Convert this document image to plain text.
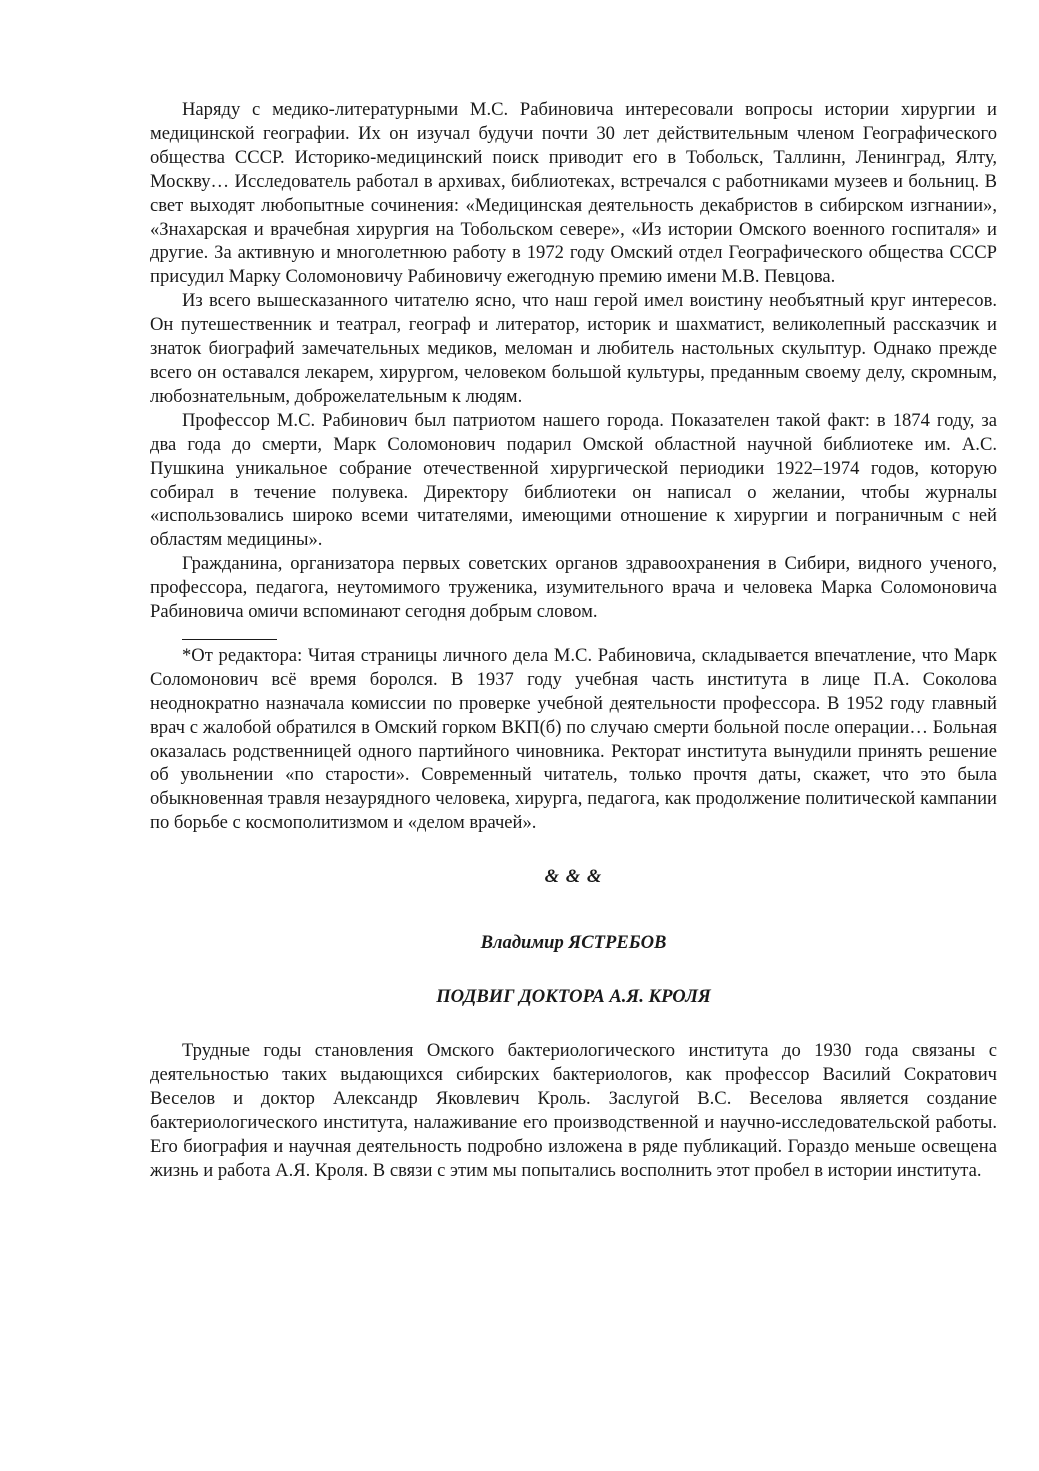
Наряду с медико-литературными М.С. Рабиновича интересовали вопросы истории хирургии и медицинской географии. Их он изучал будучи почти 30 лет действительным членом Географического общества СССР. Историко-медицинский поиск приводит его в Тобольск, Таллинн, Ленинград, Ялту, Москву… Исследователь работал в архивах, библиотеках, встречался с работниками музеев и больниц. В свет выходят любопытные сочинения: «Медицинская деятельность декабристов в сибирском изгнании», «Знахарская и врачебная хирургия на Тобольском севере», «Из истории Омского военного госпиталя» и другие. За активную и многолетнюю работу в 1972 году Омский отдел Географического общества СССР присудил Марку Соломоновичу Рабиновичу ежегодную премию имени М.В. Певцова.

Из всего вышесказанного читателю ясно, что наш герой имел воистину необъятный круг интересов. Он путешественник и театрал, географ и литератор, историк и шахматист, великолепный рассказчик и знаток биографий замечательных медиков, меломан и любитель настольных скульптур. Однако прежде всего он оставался лекарем, хирургом, человеком большой культуры, преданным своему делу, скромным, любознательным, доброжелательным к людям.

Профессор М.С. Рабинович был патриотом нашего города. Показателен такой факт: в 1874 году, за два года до смерти, Марк Соломонович подарил Омской областной научной библиотеке им. А.С. Пушкина уникальное собрание отечественной хирургической периодики 1922–1974 годов, которую собирал в течение полувека. Директору библиотеки он написал о желании, чтобы журналы «использовались широко всеми читателями, имеющими отношение к хирургии и пограничным с ней областям медицины».

Гражданина, организатора первых советских органов здравоохранения в Сибири, видного ученого, профессора, педагога, неутомимого труженика, изумительного врача и человека Марка Соломоновича Рабиновича омичи вспоминают сегодня добрым словом.

*От редактора: Читая страницы личного дела М.С. Рабиновича, складывается впечатление, что Марк Соломонович всё время боролся. В 1937 году учебная часть института в лице П.А. Соколова неоднократно назначала комиссии по проверке учебной деятельности профессора. В 1952 году главный врач с жалобой обратился в Омский горком ВКП(б) по случаю смерти больной после операции… Больная оказалась родственницей одного партийного чиновника. Ректорат института вынудили принять решение об увольнении «по старости». Современный читатель, только прочтя даты, скажет, что это была обыкновенная травля незаурядного человека, хирурга, педагога, как продолжение политической кампании по борьбе с космополитизмом и «делом врачей».

& & &
Владимир ЯСТРЕБОВ
ПОДВИГ ДОКТОРА А.Я. КРОЛЯ

Трудные годы становления Омского бактериологического института до 1930 года связаны с деятельностью таких выдающихся сибирских бактериологов, как профессор Василий Сократович Веселов и доктор Александр Яковлевич Кроль. Заслугой В.С. Веселова является создание бактериологического института, налаживание его производственной и научно-исследовательской работы. Его биография и научная деятельность подробно изложена в ряде публикаций. Гораздо меньше освещена жизнь и работа А.Я. Кроля. В связи с этим мы попытались восполнить этот пробел в истории института.
